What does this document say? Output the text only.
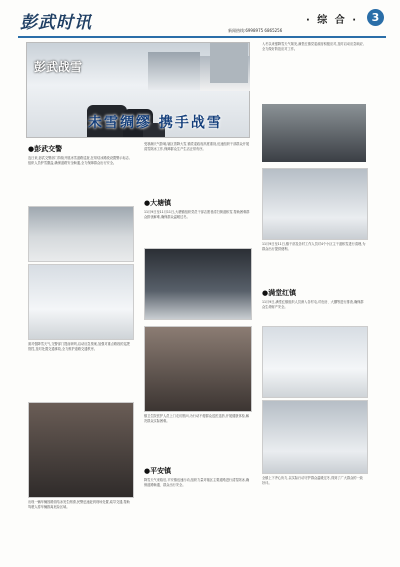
彭武时讯	· 综 合 ·	3
新闻热线:6998975 6865256
彭武战雪
未雪绸缪 携手战雪
●彭武交警
连日来,彭武交警部门持续开展冰雪道路巡查,在易结冰路段设置警示标志,组织人员铲雪撒盐,确保道路安全畅通,全力保障群众出行安全。
面对强降雪天气,交警部门提前研判,启动应急预案,加强对重点路段的巡逻管控,及时处置交通事故,全力维护道路交通秩序。
出现一辆车辆因路面结冰发生侧滑,民警迅速赶到现场处置,疏导交通,帮助驾驶人将车辆推离危险区域。
受寒潮天气影响,辖区普降大雪,镇党委政府高度重视,迅速组织干部群众开展清雪除冰工作,保障群众生产生活正常有序。
●大塘镇
11月9日至11月11日,大塘镇组织党员干部志愿者清扫街道积雪,帮助困难群众排忧解难,确保群众温暖过冬。
镇卫生院医护人员上门走访慰问,为行动不便群众送医送药,开展健康体检,解决群众实际困难。
●平安镇
降雪天气来临后,平安镇迅速行动,组织力量对辖区主要道路进行清雪除冰,确保道路畅通、群众出行安全。
入冬以来强降雪天气频发,满堂红镇党委政府积极应对,及时启动应急响应,全力做好防范应对工作。
11月9日至11日,镇干部及各村工作人员对4个小区主干道积雪进行清理,为群众出行提供便利。
●满堂红镇
11月9日,满堂红镇组织人员深入各村屯,对危房、大棚等进行排查,确保群众生命财产安全。
全镇上下齐心协力,以实际行动守护群众温暖过冬,得到了广大群众的一致好评。
